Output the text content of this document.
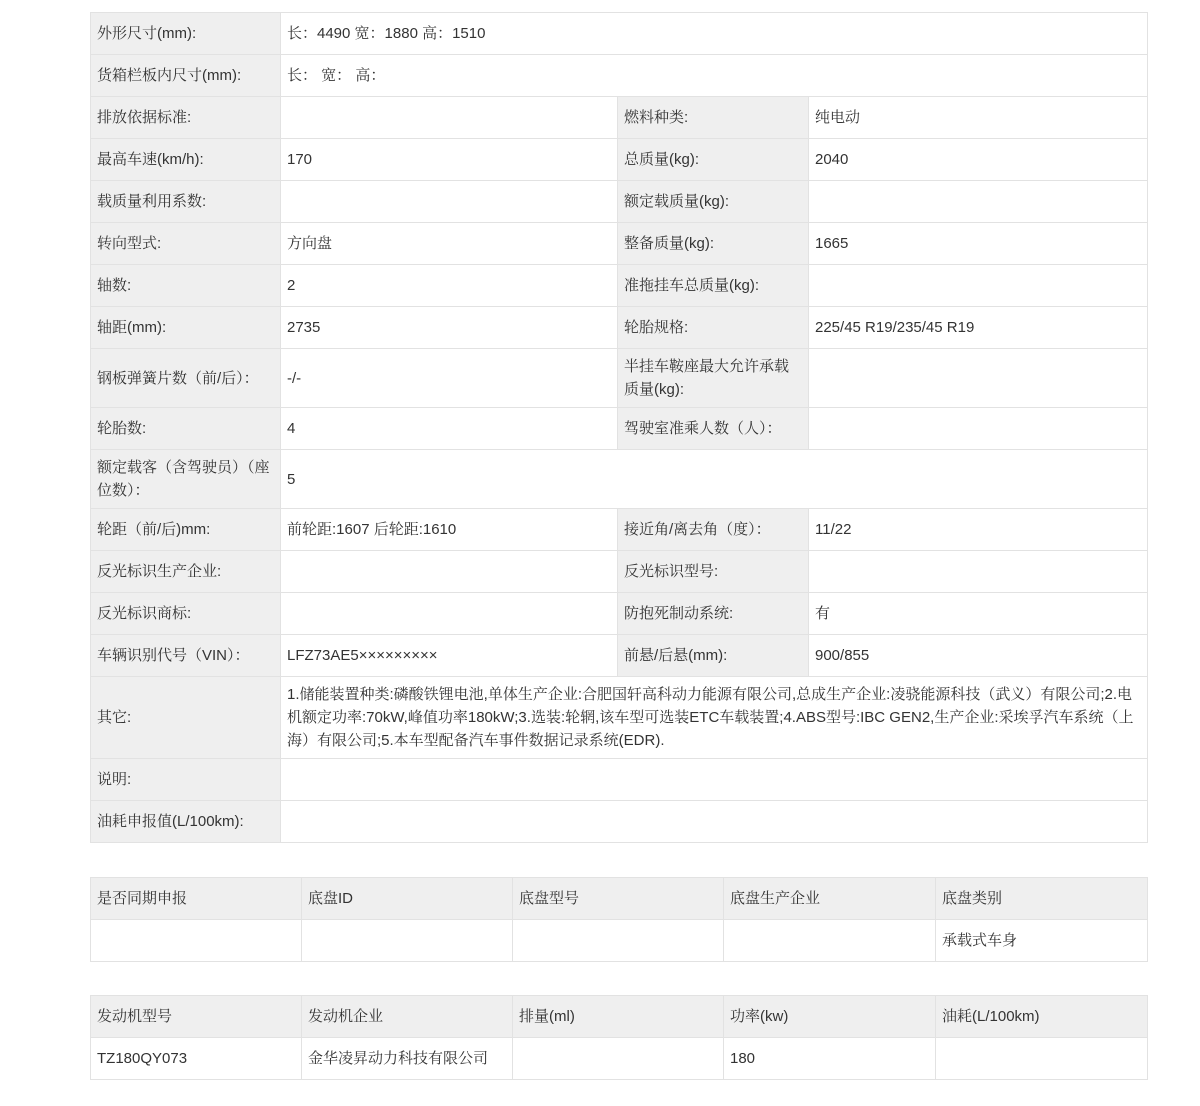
外形尺寸(mm):	长：4490 宽：1880 高：1510		
货箱栏板内尺寸(mm):	长： 宽： 高：		
排放依据标准:		燃料种类:	纯电动
最高车速(km/h):	170	总质量(kg):	2040
载质量利用系数:		额定载质量(kg):	
转向型式:	方向盘	整备质量(kg):	1665
轴数:	2	准拖挂车总质量(kg):	
轴距(mm):	2735	轮胎规格:	225/45 R19/235/45 R19
钢板弹簧片数（前/后）：	-/-	半挂车鞍座最大允许承载质量(kg):	
轮胎数:	4	驾驶室准乘人数（人）：	
额定载客（含驾驶员）（座位数）：	5		
轮距（前/后)mm:	前轮距:1607 后轮距:1610	接近角/离去角（度）：	11/22
反光标识生产企业:		反光标识型号:	
反光标识商标:		防抱死制动系统:	有
车辆识别代号（VIN）：	LFZ73AE5×××××××××	前悬/后悬(mm):	900/855
其它:	1.储能装置种类:磷酸铁锂电池,单体生产企业:合肥国轩高科动力能源有限公司,总成生产企业:凌骁能源科技（武义）有限公司;2.电机额定功率:70kW,峰值功率180kW;3.选装:轮辋,该车型可选装ETC车载装置;4.ABS型号:IBC GEN2,生产企业:采埃孚汽车系统（上海）有限公司;5.本车型配备汽车事件数据记录系统(EDR).		
说明:			
油耗申报值(L/100km):			
是否同期申报	底盘ID	底盘型号	底盘生产企业	底盘类别
				承载式车身
发动机型号	发动机企业	排量(ml)	功率(kw)	油耗(L/100km)
TZ180QY073	金华凌昇动力科技有限公司		180	
